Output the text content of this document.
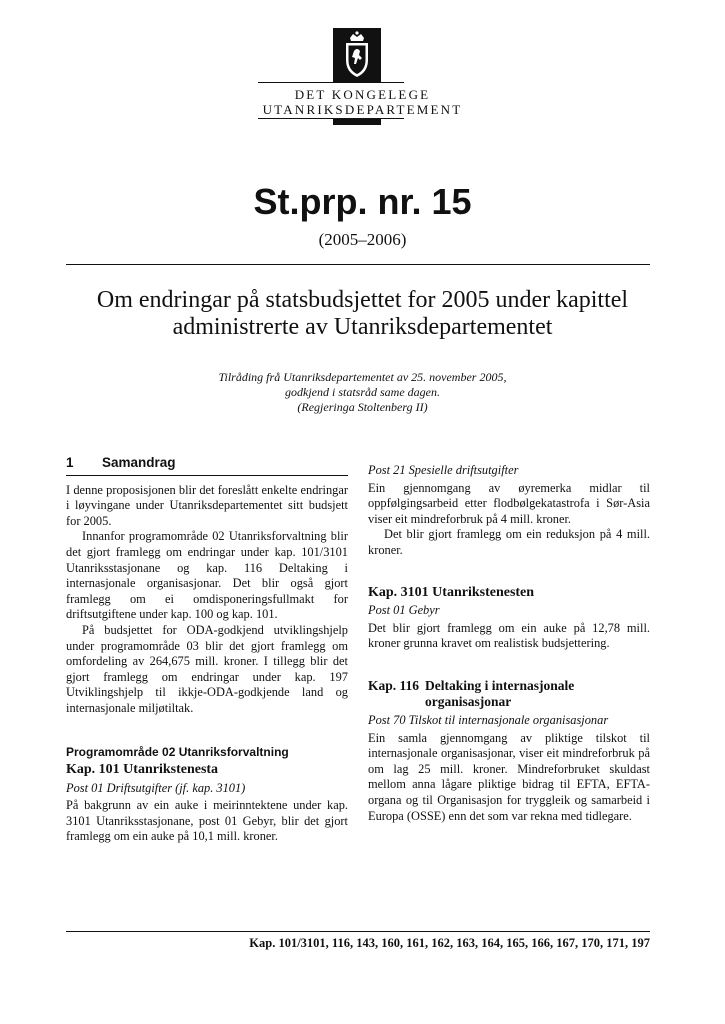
DET KONGELEGE
UTANRIKSDEPARTEMENT
St.prp. nr. 15
(2005–2006)
Om endringar på statsbudsjettet for 2005 under kapittel administrerte av Utanriksdepartementet
Tilråding frå Utanriksdepartementet av 25. november 2005,
godkjend i statsråd same dagen.
(Regjeringa Stoltenberg II)
1	Samandrag

I denne proposisjonen blir det foreslått enkelte endringar i løyvingane under Utanriksdepartementet sitt budsjett for 2005.

Innanfor programområde 02 Utanriksforvaltning blir det gjort framlegg om endringar under kap. 101/3101 Utanriksstasjonane og kap. 116 Deltaking i internasjonale organisasjonar. Det blir også gjort framlegg om ei omdisponeringsfullmakt for driftsutgiftene under kap. 100 og kap. 101.

På budsjettet for ODA-godkjend utviklingshjelp under programområde 03 blir det gjort framlegg om omfordeling av 264,675 mill. kroner. I tillegg blir det gjort framlegg om endringar under kap. 197 Utviklingshjelp til ikkje-ODA-godkjende land og internasjonale miljøtiltak.

Programområde 02 Utanriksforvaltning
Kap. 101 Utanrikstenesta
Post 01 Driftsutgifter (jf. kap. 3101)

På bakgrunn av ein auke i meirinntektene under kap. 3101 Utanriksstasjonane, post 01 Gebyr, blir det gjort framlegg om ein auke på 10,1 mill. kroner.

Post 21 Spesielle driftsutgifter

Ein gjennomgang av øyremerka midlar til oppfølgingsarbeid etter flodbølgekatastrofa i Sør-Asia viser eit mindreforbruk på 4 mill. kroner.

Det blir gjort framlegg om ein reduksjon på 4 mill. kroner.

Kap. 3101 Utanrikstenesten
Post 01 Gebyr

Det blir gjort framlegg om ein auke på 12,78 mill. kroner grunna kravet om realistisk budsjettering.

Kap. 116 Deltaking i internasjonale organisasjonar
Post 70 Tilskot til internasjonale organisasjonar

Ein samla gjennomgang av pliktige tilskot til internasjonale organisasjonar, viser eit mindreforbruk på om lag 25 mill. kroner. Mindreforbruket skuldast mellom anna lågare pliktige bidrag til EFTA, EFTA-organa og til Organisasjon for tryggleik og samarbeid i Europa (OSSE) enn det som var rekna med tidlegare.

Kap. 101/3101, 116, 143, 160, 161, 162, 163, 164, 165, 166, 167, 170, 171, 197
